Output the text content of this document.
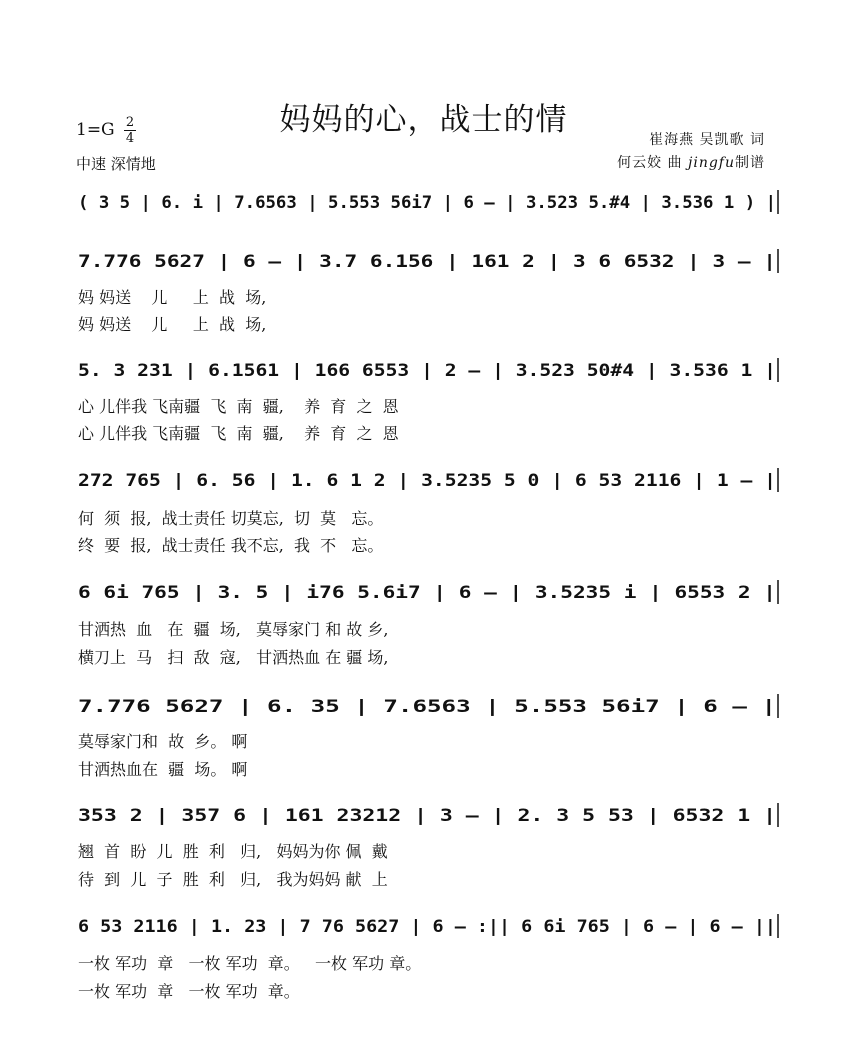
妈妈的心，战士的情
1=G 2
4
中速 深情地
崔海燕 吴凯歌 词
何云姣 曲 jingfu制谱
( 3 5 | 6. i | 7.6563 | 5.553 56i7 | 6 – | 3.523 5.#4 | 3.536 1 ) |
7.776 5627 | 6 – | 3.7 6.156 | 161 2 | 3 6 6532 | 3 – |
妈 妈送    儿     上  战  场,
妈 妈送    儿     上  战  场,
5. 3 231 | 6.1561 | 166 6553 | 2 – | 3.523 50#4 | 3.536 1 |
心 儿伴我 飞南疆  飞  南  疆,    养  育  之  恩
心 儿伴我 飞南疆  飞  南  疆,    养  育  之  恩
272 765 | 6. 56 | 1. 6 1 2 | 3.5235 5 0 | 6 53 2116 | 1 – |
何  须  报,  战士责任 切莫忘,  切  莫   忘。
终  要  报,  战士责任 我不忘,  我  不   忘。
6 6i 765 | 3. 5 | i76 5.6i7 | 6 – | 3.5235 i | 6553 2 |
甘洒热  血   在  疆  场,   莫辱家门 和 故 乡,
横刀上  马   扫  敌  寇,   甘洒热血 在 疆 场,
7.776 5627 | 6. 35 | 7.6563 | 5.553 56i7 | 6 – |
莫辱家门和  故  乡。 啊
甘洒热血在  疆  场。 啊
353 2 | 357 6 | 161 23212 | 3 – | 2. 3 5 53 | 6532 1 |
翘  首  盼  儿  胜  利   归,   妈妈为你 佩  戴
待  到  儿  子  胜  利   归,   我为妈妈 献  上
6 53 2116 | 1. 23 | 7 76 5627 | 6 – :|| 6 6i 765 | 6 – | 6 – ||
一枚 军功  章   一枚 军功  章。   一枚 军功 章。
一枚 军功  章   一枚 军功  章。
